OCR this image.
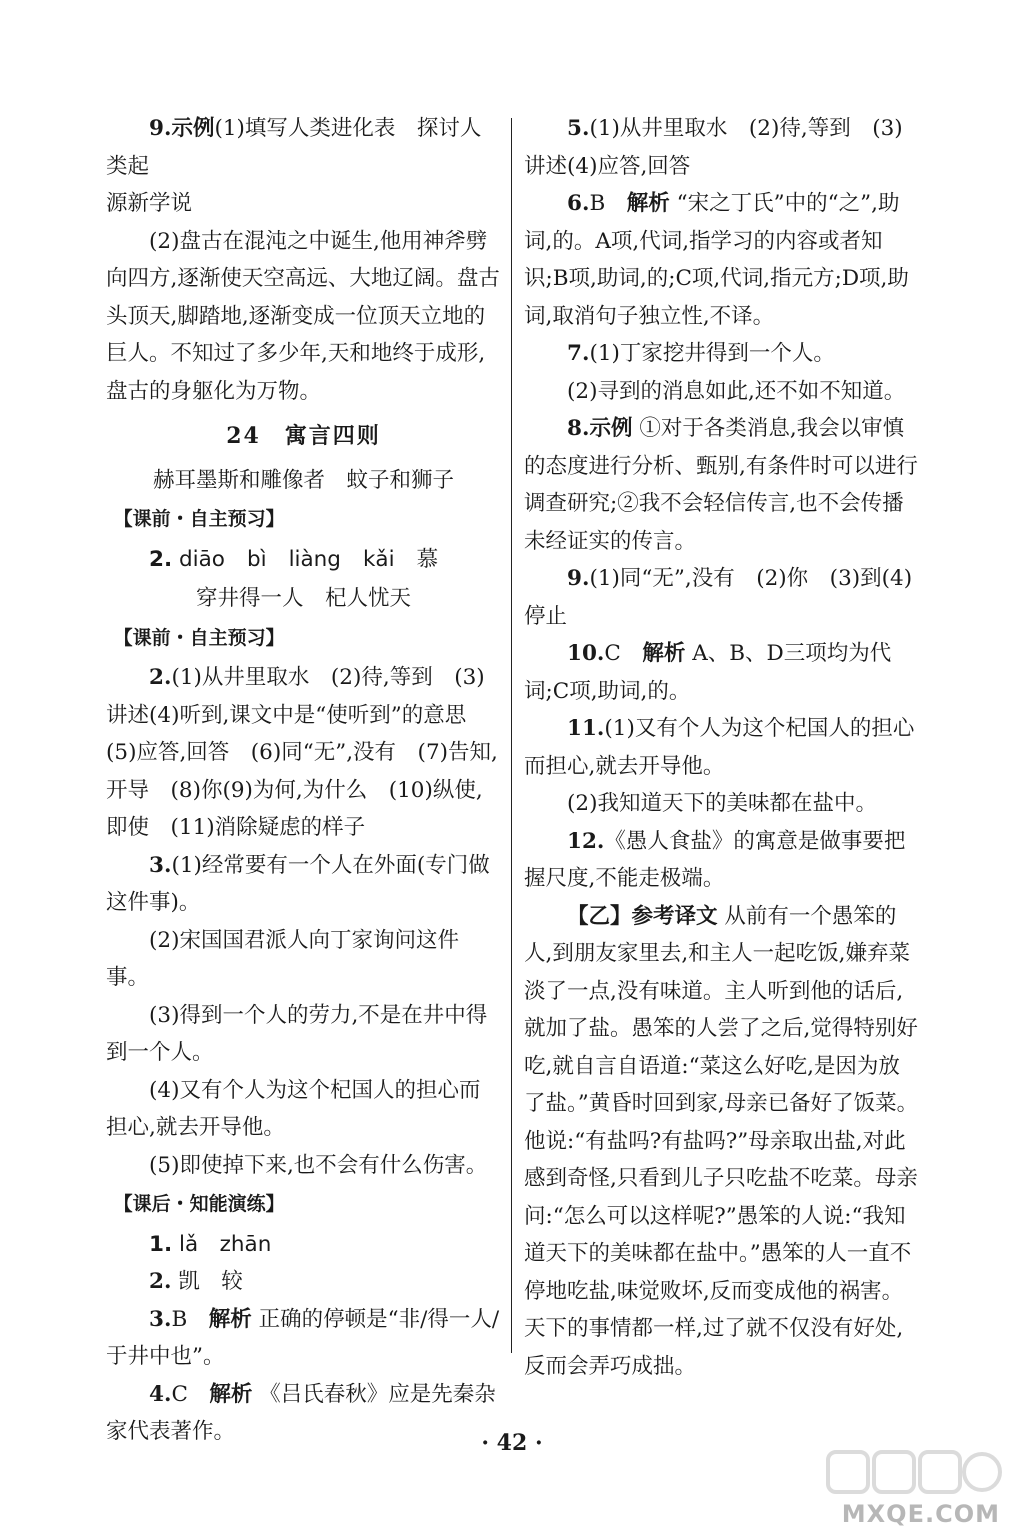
9.示例(1)填写人类进化表　探讨人类起

源新学说

(2)盘古在混沌之中诞生,他用神斧劈向四方,逐渐使天空高远、大地辽阔。盘古头顶天,脚踏地,逐渐变成一位顶天立地的巨人。不知过了多少年,天和地终于成形,盘古的身躯化为万物。

24　寓言四则
赫耳墨斯和雕像者　蚊子和狮子
【课前・自主预习】

2. diāo bì liàng kǎi 慕

穿井得一人　杞人忧天
【课前・自主预习】

2.(1)从井里取水　(2)待,等到　(3)讲述(4)听到,课文中是“使听到”的意思　(5)应答,回答　(6)同“无”,没有　(7)告知,开导　(8)你(9)为何,为什么　(10)纵使,即使　(11)消除疑虑的样子

3.(1)经常要有一个人在外面(专门做这件事)。

(2)宋国国君派人向丁家询问这件事。

(3)得到一个人的劳力,不是在井中得到一个人。

(4)又有个人为这个杞国人的担心而担心,就去开导他。

(5)即使掉下来,也不会有什么伤害。

【课后・知能演练】

1. lǎ　zhān

2. 凯　较

3.B　 解析 正确的停顿是“非/得一人/于井中也”。

4.C　 解析 《吕氏春秋》应是先秦杂家代表著作。

5.(1)从井里取水　(2)待,等到　(3)讲述(4)应答,回答

6.B　 解析 “宋之丁氏”中的“之”,助词,的。A项,代词,指学习的内容或者知识;B项,助词,的;C项,代词,指元方;D项,助词,取消句子独立性,不译。

7.(1)丁家挖井得到一个人。

(2)寻到的消息如此,还不如不知道。

8.示例 ①对于各类消息,我会以审慎的态度进行分析、甄别,有条件时可以进行调查研究;②我不会轻信传言,也不会传播未经证实的传言。

9.(1)同“无”,没有　(2)你　(3)到(4)停止

10.C　 解析 A、B、D三项均为代词;C项,助词,的。

11.(1)又有个人为这个杞国人的担心而担心,就去开导他。

(2)我知道天下的美味都在盐中。

12.《愚人食盐》的寓意是做事要把握尺度,不能走极端。

【乙】参考译文 从前有一个愚笨的人,到朋友家里去,和主人一起吃饭,嫌弃菜淡了一点,没有味道。主人听到他的话后,就加了盐。愚笨的人尝了之后,觉得特别好吃,就自言自语道:“菜这么好吃,是因为放了盐。”黄昏时回到家,母亲已备好了饭菜。他说:“有盐吗?有盐吗?”母亲取出盐,对此感到奇怪,只看到儿子只吃盐不吃菜。母亲问:“怎么可以这样呢?”愚笨的人说:“我知道天下的美味都在盐中。”愚笨的人一直不停地吃盐,味觉败坏,反而变成他的祸害。天下的事情都一样,过了就不仅没有好处,反而会弄巧成拙。

· 42 ·
MXQE.COM
